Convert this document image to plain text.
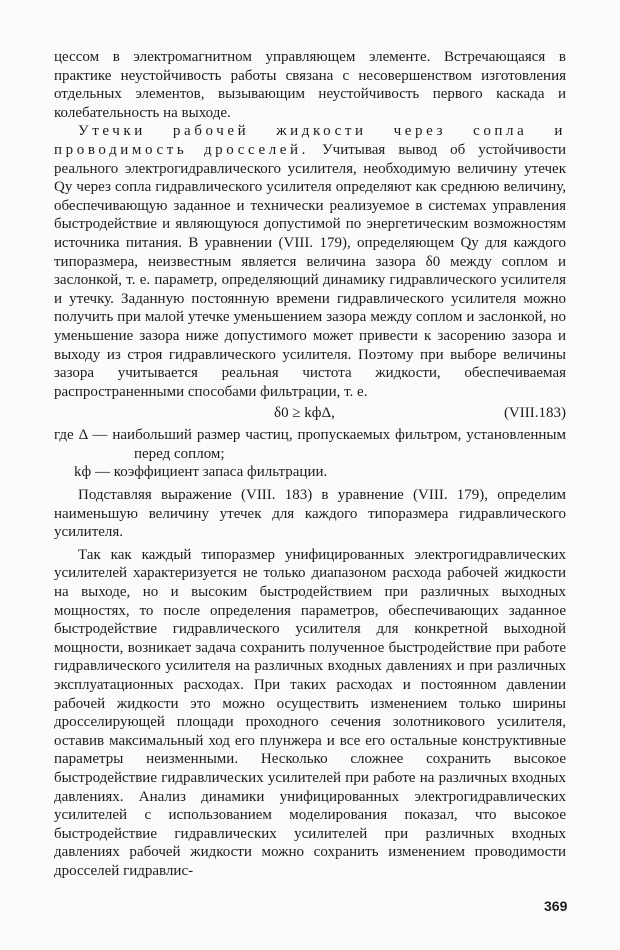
цессом в электромагнитном управляющем элементе. Встречающаяся в практике неустойчивость работы связана с несовершенством изготовления отдельных элементов, вызывающим неустойчивость первого каскада и колебательность на выходе.

Утечки рабочей жидкости через сопла и проводимость дросселей. Учитывая вывод об устойчивости реального электрогидравлического усилителя, необходимую величину утечек Qу через сопла гидравлического усилителя определяют как среднюю величину, обеспечивающую заданное и технически реализуемое в системах управления быстродействие и являющуюся допустимой по энергетическим возможностям источника питания. В уравнении (VIII. 179), определяющем Qу для каждого типоразмера, неизвестным является величина зазора δ0 между соплом и заслонкой, т. е. параметр, определяющий динамику гидравлического усилителя и утечку. Заданную постоянную времени гидравлического усилителя можно получить при малой утечке уменьшением зазора между соплом и заслонкой, но уменьшение зазора ниже допустимого может привести к засорению зазора и выходу из строя гидравлического усилителя. Поэтому при выборе величины зазора учитывается реальная чистота жидкости, обеспечиваемая распространенными способами фильтрации, т. е.

δ0 ≥ kфΔ,	(VIII.183)

где Δ — наибольший размер частиц, пропускаемых фильтром, установленным перед соплом;

kф — коэффициент запаса фильтрации.

Подставляя выражение (VIII. 183) в уравнение (VIII. 179), определим наименьшую величину утечек для каждого типоразмера гидравлического усилителя.

Так как каждый типоразмер унифицированных электрогидравлических усилителей характеризуется не только диапазоном расхода рабочей жидкости на выходе, но и высоким быстродействием при различных выходных мощностях, то после определения параметров, обеспечивающих заданное быстродействие гидравлического усилителя для конкретной выходной мощности, возникает задача сохранить полученное быстродействие при работе гидравлического усилителя на различных входных давлениях и при различных эксплуатационных расходах. При таких расходах и постоянном давлении рабочей жидкости это можно осуществить изменением только ширины дросселирующей площади проходного сечения золотникового усилителя, оставив максимальный ход его плунжера и все его остальные конструктивные параметры неизменными. Несколько сложнее сохранить высокое быстродействие гидравлических усилителей при работе на различных входных давлениях. Анализ динамики унифицированных электрогидравлических усилителей с использованием моделирования показал, что высокое быстродействие гидравлических усилителей при различных входных давлениях рабочей жидкости можно сохранить изменением проводимости дросселей гидравлис-

369
